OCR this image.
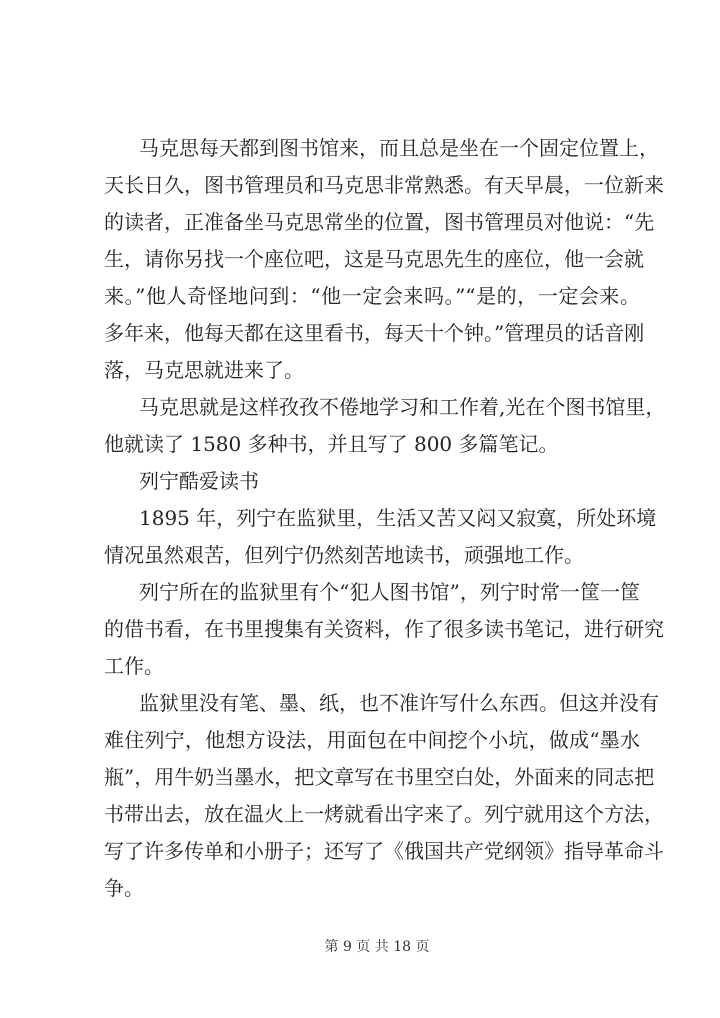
马克思每天都到图书馆来，而且总是坐在一个固定位置上，
天长日久，图书管理员和马克思非常熟悉。有天早晨，一位新来
的读者，正准备坐马克思常坐的位置，图书管理员对他说：“先
生，请你另找一个座位吧，这是马克思先生的座位，他一会就
来。”他人奇怪地问到：“他一定会来吗。”“是的，一定会来。
多年来，他每天都在这里看书，每天十个钟。”管理员的话音刚
落，马克思就进来了。
马克思就是这样孜孜不倦地学习和工作着,光在个图书馆里，
他就读了 1580 多种书，并且写了 800 多篇笔记。
列宁酷爱读书
1895 年，列宁在监狱里，生活又苦又闷又寂寞，所处环境
情况虽然艰苦，但列宁仍然刻苦地读书，顽强地工作。
列宁所在的监狱里有个“犯人图书馆”，列宁时常一筐一筐
的借书看，在书里搜集有关资料，作了很多读书笔记，进行研究
工作。
监狱里没有笔、墨、纸，也不准许写什么东西。但这并没有
难住列宁，他想方设法，用面包在中间挖个小坑，做成“墨水
瓶”，用牛奶当墨水，把文章写在书里空白处，外面来的同志把
书带出去，放在温火上一烤就看出字来了。列宁就用这个方法，
写了许多传单和小册子；还写了《俄国共产党纲领》指导革命斗
争。
第 9 页 共 18 页
